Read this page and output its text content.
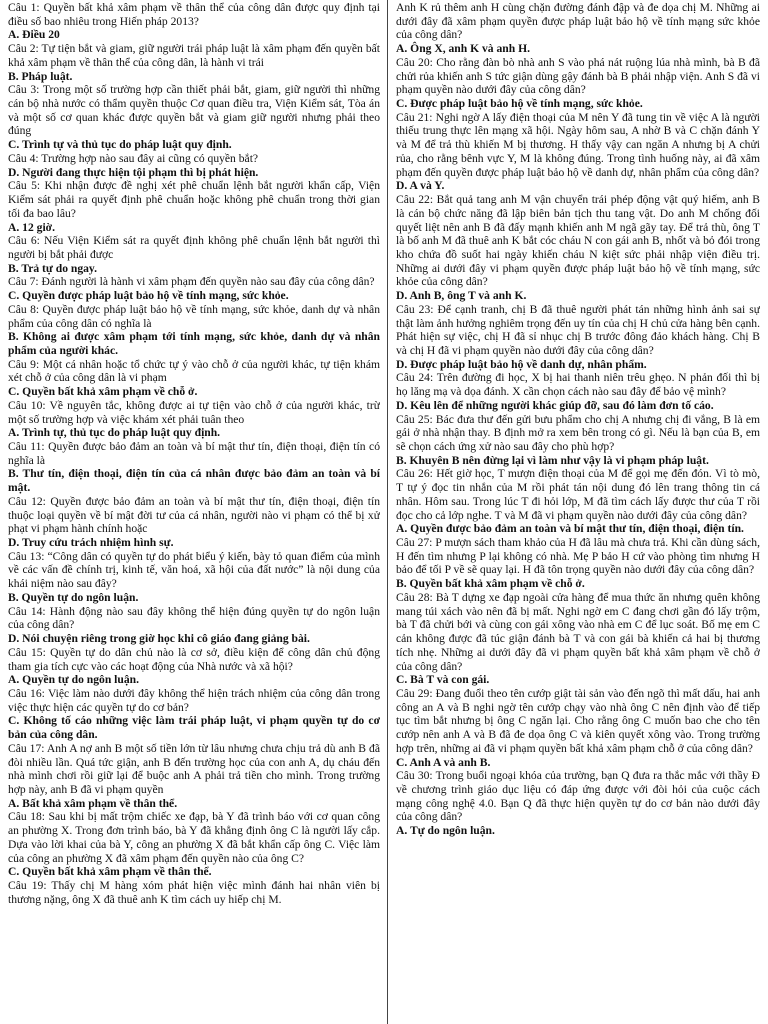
Câu 1: Quyền bất khả xâm phạm về thân thể của công dân được quy định tại điều số bao nhiêu trong Hiến pháp 2013?

A. Điều 20

Câu 2: Tự tiện bắt và giam, giữ người trái pháp luật là xâm phạm đến quyền bất khả xâm phạm về thân thể của công dân, là hành vi trái

B. Pháp luật.

Câu 3: Trong một số trường hợp cần thiết phải bắt, giam, giữ người thì những cán bộ nhà nước có thẩm quyền thuộc Cơ quan điều tra, Viện Kiểm sát, Tòa án và một số cơ quan khác được quyền bắt và giam giữ người nhưng phải theo đúng

C. Trình tự và thủ tục do pháp luật quy định.

Câu 4: Trường hợp nào sau đây ai cũng có quyền bắt?

D. Người đang thực hiện tội phạm thì bị phát hiện.

Câu 5: Khi nhận được đề nghị xét phê chuẩn lệnh bắt người khẩn cấp, Viện Kiểm sát phải ra quyết định phê chuẩn hoặc không phê chuẩn trong thời gian tối đa bao lâu?

A. 12 giờ.

Câu 6: Nếu Viện Kiểm sát ra quyết định không phê chuẩn lệnh bắt người thì người bị bắt phải được

B. Trả tự do ngay.

Câu 7: Đánh người là hành vi xâm phạm đến quyền nào sau đây của công dân?

C. Quyền được pháp luật bảo hộ về tính mạng, sức khỏe.

Câu 8: Quyền được pháp luật bảo hộ về tính mạng, sức khỏe, danh dự và nhân phẩm của công dân có nghĩa là

B. Không ai được xâm phạm tới tính mạng, sức khỏe, danh dự và nhân phẩm của người khác.

Câu 9: Một cá nhân hoặc tổ chức tự ý vào chỗ ở của người khác, tự tiện khám xét chỗ ở của công dân là vi phạm

C. Quyền bất khả xâm phạm về chỗ ở.

Câu 10: Về nguyên tắc, không được ai tự tiện vào chỗ ở của người khác, trừ một số trường hợp và việc khám xét phải tuân theo

A. Trình tự, thủ tục do pháp luật quy định.

Câu 11: Quyền được bảo đảm an toàn và bí mật thư tín, điện thoại, điện tín có nghĩa là

B. Thư tín, điện thoại, điện tín của cá nhân được bảo đảm an toàn và bí mật.

Câu 12: Quyền được bảo đảm an toàn và bí mật thư tín, điện thoại, điện tín thuộc loại quyền về bí mật đời tư của cá nhân, người nào vi phạm có thể bị xử phạt vi phạm hành chính hoặc

D. Truy cứu trách nhiệm hình sự.

Câu 13: “Công dân có quyền tự do phát biểu ý kiến, bày tỏ quan điểm của mình về các vấn đề chính trị, kinh tế, văn hoá, xã hội của đất nước” là nội dung của khái niệm nào sau đây?

B. Quyền tự do ngôn luận.

Câu 14: Hành động nào sau đây không thể hiện đúng quyền tự do ngôn luận của công dân?

D. Nói chuyện riêng trong giờ học khi cô giáo đang giảng bài.

Câu 15: Quyền tự do dân chủ nào là cơ sở, điều kiện để công dân chủ động tham gia tích cực vào các hoạt động của Nhà nước và xã hội?

A. Quyền tự do ngôn luận.

Câu 16: Việc làm nào dưới đây không thể hiện trách nhiệm của công dân trong việc thực hiện các quyền tự do cơ bản?

C. Không tố cáo những việc làm trái pháp luật, vi phạm quyền tự do cơ bản của công dân.

Câu 17: Anh A nợ anh B một số tiền lớn từ lâu nhưng chưa chịu trả dù anh B đã đòi nhiều lần. Quá tức giận, anh B đến trường học của con anh A, dụ cháu đến nhà mình chơi rồi giữ lại để buộc anh A phải trả tiền cho mình. Trong trường hợp này, anh B đã vi phạm quyền

A. Bất khả xâm phạm về thân thể.

Câu 18: Sau khi bị mất trộm chiếc xe đạp, bà Y đã trình báo với cơ quan công an phường X. Trong đơn trình báo, bà Y đã khẳng định ông C là người lấy cắp. Dựa vào lời khai của bà Y, công an phường X đã bắt khẩn cấp ông C. Việc làm của công an phường X đã xâm phạm đến quyền nào của ông C?

C. Quyền bất khả xâm phạm về thân thể.

Câu 19: Thấy chị M hàng xóm phát hiện việc mình đánh hai nhân viên bị thương nặng, ông X đã thuê anh K tìm cách uy hiếp chị M.

Anh K rủ thêm anh H cùng chặn đường đánh đập và đe dọa chị M. Những ai dưới đây đã xâm phạm quyền được pháp luật bảo hộ về tính mạng sức khỏe của công dân?

A. Ông X, anh K và anh H.

Câu 20: Cho rằng đàn bò nhà anh S vào phá nát ruộng lúa nhà mình, bà B đã chửi rủa khiến anh S tức giận dùng gậy đánh bà B phải nhập viện. Anh S đã vi phạm quyền nào dưới đây của công dân?

C. Được pháp luật bảo hộ về tính mạng, sức khỏe.

Câu 21: Nghi ngờ A lấy điện thoại của M nên Y đã tung tin về việc A là người thiếu trung thực lên mạng xã hội. Ngày hôm sau, A nhờ B và C chặn đánh Y và M để trả thù khiến M bị thương. H thấy vậy can ngăn A nhưng bị A chửi rủa, cho rằng bênh vực Y, M là không đúng. Trong tình huống này, ai đã xâm phạm đến quyền được pháp luật bảo hộ về danh dự, nhân phẩm của công dân?

D. A và Y.

Câu 22: Bắt quả tang anh M vận chuyển trái phép động vật quý hiếm, anh B là cán bộ chức năng đã lập biên bản tịch thu tang vật. Do anh M chống đối quyết liệt nên anh B đã đấy mạnh khiến anh M ngã gãy tay. Để trả thù, ông T là bố anh M đã thuê anh K bắt cóc cháu N con gái anh B, nhốt và bỏ đói trong kho chứa đồ suốt hai ngày khiến cháu N kiệt sức phải nhập viện điều trị. Những ai dưới đây vi phạm quyền được pháp luật bảo hộ về tính mạng, sức khỏe của công dân?

D. Anh B, ông T và anh K.

Câu 23: Để cạnh tranh, chị B đã thuê người phát tán những hình ảnh sai sự thật làm ảnh hưởng nghiêm trọng đến uy tín của chị H chủ cửa hàng bên cạnh. Phát hiện sự việc, chị H đã sỉ nhục chị B trước đông đảo khách hàng. Chị B và chị H đã vi phạm quyền nào dưới đây của công dân?

D. Được pháp luật bảo hộ về danh dự, nhân phẩm.

Câu 24: Trên đường đi học, X bị hai thanh niên trêu ghẹo. N phản đối thì bị họ lăng mạ và dọa đánh. X cần chọn cách nào sau đây để bảo vệ mình?

D. Kêu lên để những người khác giúp đỡ, sau đó làm đơn tố cáo.

Câu 25: Bác đưa thư đến gửi bưu phẩm cho chị A nhưng chị đi vắng, B là em gái ở nhà nhận thay. B định mở ra xem bên trong có gì. Nếu là bạn của B, em sẽ chọn cách ứng xử nào sau đây cho phù hợp?

B. Khuyên B nên đừng lại vì làm như vậy là vi phạm pháp luật.

Câu 26: Hết giờ học, T mượn điện thoại của M để gọi mẹ đến đón. Vì tò mò, T tự ý đọc tin nhắn của M rồi phát tán nội dung đó lên trang thông tin cá nhân. Hôm sau. Trong lúc T đi hỏi lớp, M đã tìm cách lấy được thư của T rồi đọc cho cả lớp nghe. T và M đã vi phạm quyền nào dưới đây của công dân?

A. Quyền được bảo đảm an toàn và bí mật thư tín, điện thoại, điện tín.

Câu 27: P mượn sách tham khảo của H đã lâu mà chưa trả. Khi cần dùng sách, H đến tìm nhưng P lại không có nhà. Mẹ P bảo H cứ vào phòng tìm nhưng H bảo để tối P về sẽ quay lại. H đã tôn trọng quyền nào dưới đây của công dân?

B. Quyền bất khả xâm phạm về chỗ ở.

Câu 28: Bà T dựng xe đạp ngoài cửa hàng để mua thức ăn nhưng quên không mang túi xách vào nên đã bị mất. Nghi ngờ em C đang chơi gần đó lấy trộm, bà T đã chửi bới và cùng con gái xông vào nhà em C để lục soát. Bố mẹ em C cản không được đã túc giận đánh bà T và con gái bà khiến cả hai bị thương tích nhẹ. Những ai dưới đây đã vi phạm quyền bất khả xâm phạm về chỗ ở của công dân?

C. Bà T và con gái.

Câu 29: Đang đuổi theo tên cướp giật tài sản vào đến ngõ thì mất dấu, hai anh công an A và B nghi ngờ tên cướp chạy vào nhà ông C nên định vào để tiếp tục tìm bắt nhưng bị ông C ngăn lại. Cho rằng ông C muốn bao che cho tên cướp nên anh A và B đã đe dọa ông C và kiên quyết xông vào. Trong trường hợp trên, những ai đã vi phạm quyền bất khả xâm phạm chỗ ở của công dân?

C. Anh A và anh B.

Câu 30: Trong buổi ngoại khóa của trường, bạn Q đưa ra thắc mắc với thầy Đ về chương trình giáo dục liệu có đáp ứng được với đòi hỏi của cuộc cách mạng công nghệ 4.0. Bạn Q đã thực hiện quyền tự do cơ bản nào dưới đây của công dân?

A. Tự do ngôn luận.
